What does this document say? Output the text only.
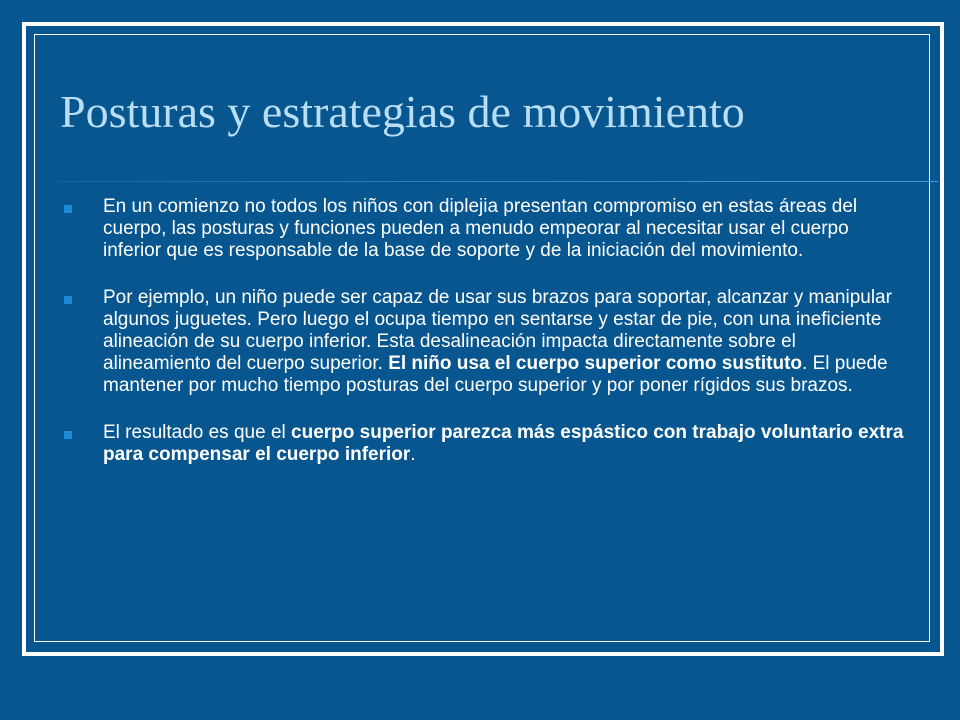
Posturas y estrategias de movimiento
En un comienzo no todos los niños con diplejia presentan compromiso en estas áreas del cuerpo, las posturas y funciones pueden a menudo empeorar al necesitar usar el cuerpo inferior que es responsable de la base de soporte y de la iniciación del movimiento.
Por ejemplo, un niño puede ser capaz de usar sus brazos para soportar, alcanzar y manipular algunos juguetes. Pero luego el ocupa tiempo en sentarse y estar de pie, con una ineficiente alineación de su cuerpo inferior. Esta desalineación impacta directamente sobre el alineamiento del cuerpo superior. El niño usa el cuerpo superior como sustituto. El puede mantener por mucho tiempo posturas del cuerpo superior y por poner rígidos sus brazos.
El resultado es que el cuerpo superior parezca más espástico con trabajo voluntario extra para compensar el cuerpo inferior.
